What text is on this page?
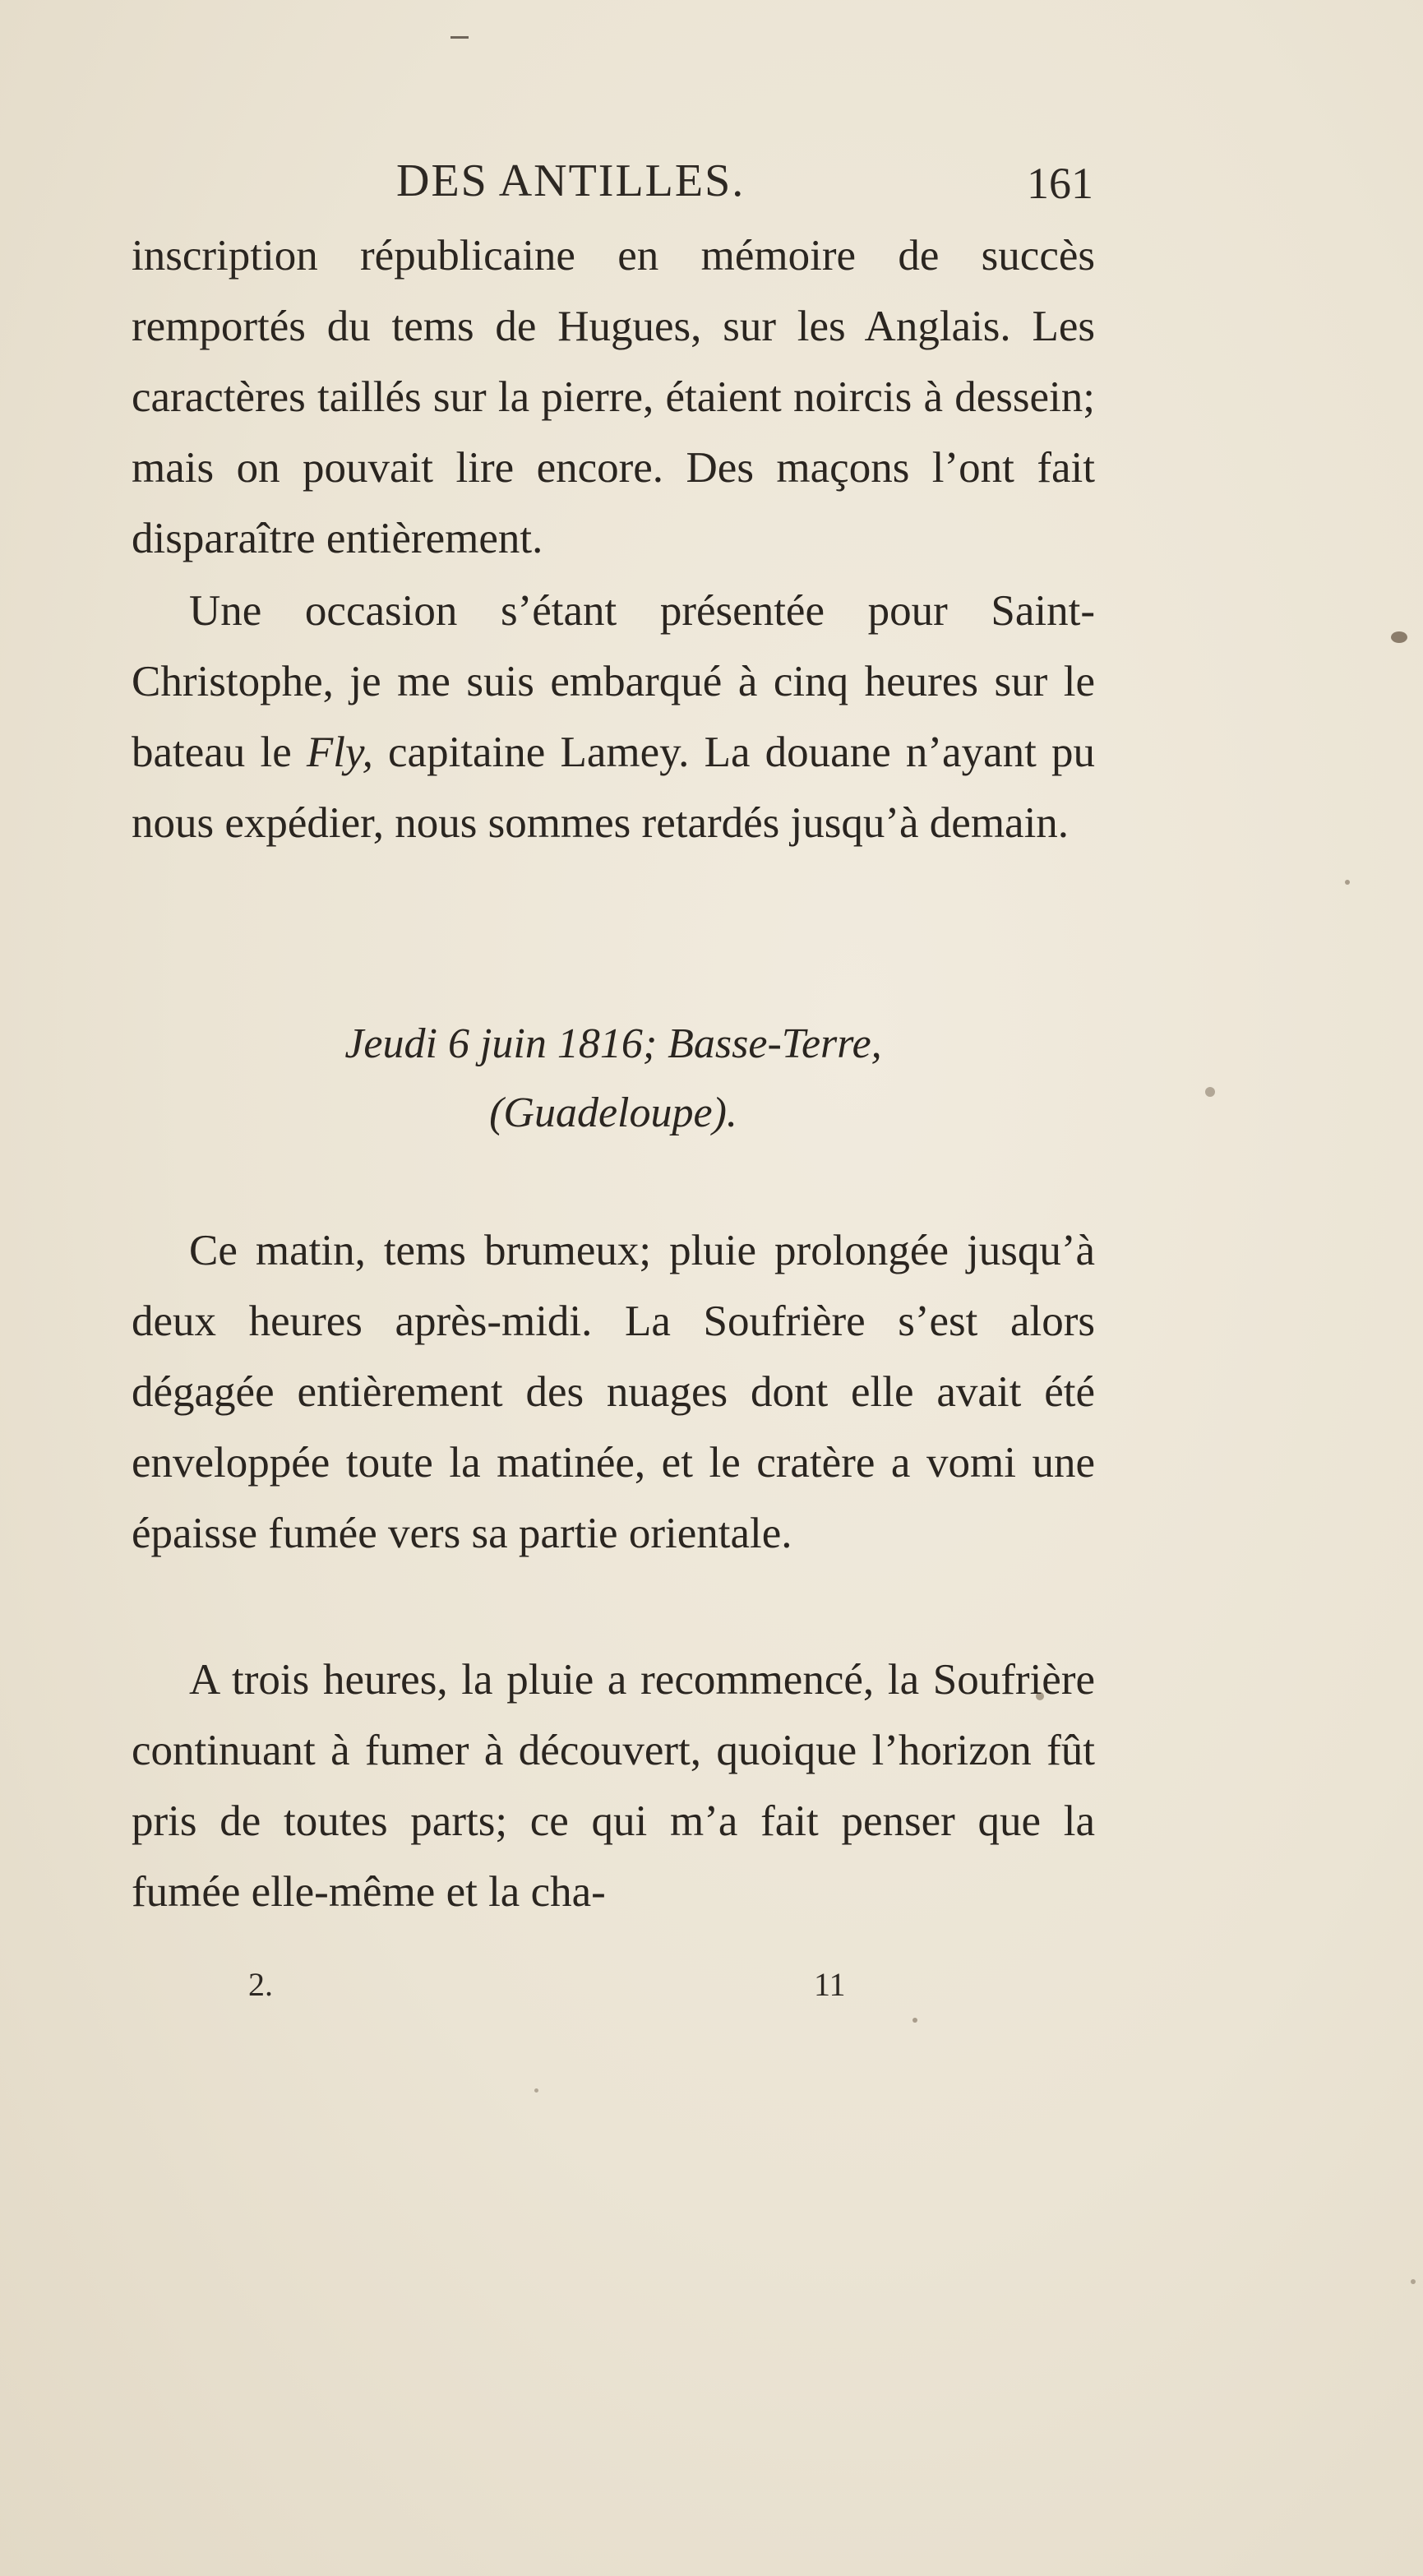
DES ANTILLES.	161
inscription républicaine en mémoire de succès remportés du tems de Hugues, sur les Anglais. Les caractères taillés sur la pierre, étaient noircis à dessein; mais on pouvait lire encore. Des maçons l’ont fait disparaître entièrement.
Une occasion s’étant présentée pour Saint-Christophe, je me suis embarqué à cinq heures sur le bateau le Fly, capitaine Lamey. La douane n’ayant pu nous expédier, nous sommes retardés jusqu’à demain.
Jeudi 6 juin 1816; Basse-Terre,
(Guadeloupe).
Ce matin, tems brumeux; pluie prolongée jusqu’à deux heures après-midi. La Soufrière s’est alors dégagée entièrement des nuages dont elle avait été enveloppée toute la matinée, et le cratère a vomi une épaisse fumée vers sa partie orientale.
A trois heures, la pluie a recommencé, la Soufrière continuant à fumer à découvert, quoique l’horizon fût pris de toutes parts; ce qui m’a fait penser que la fumée elle-même et la cha-
2.	11
